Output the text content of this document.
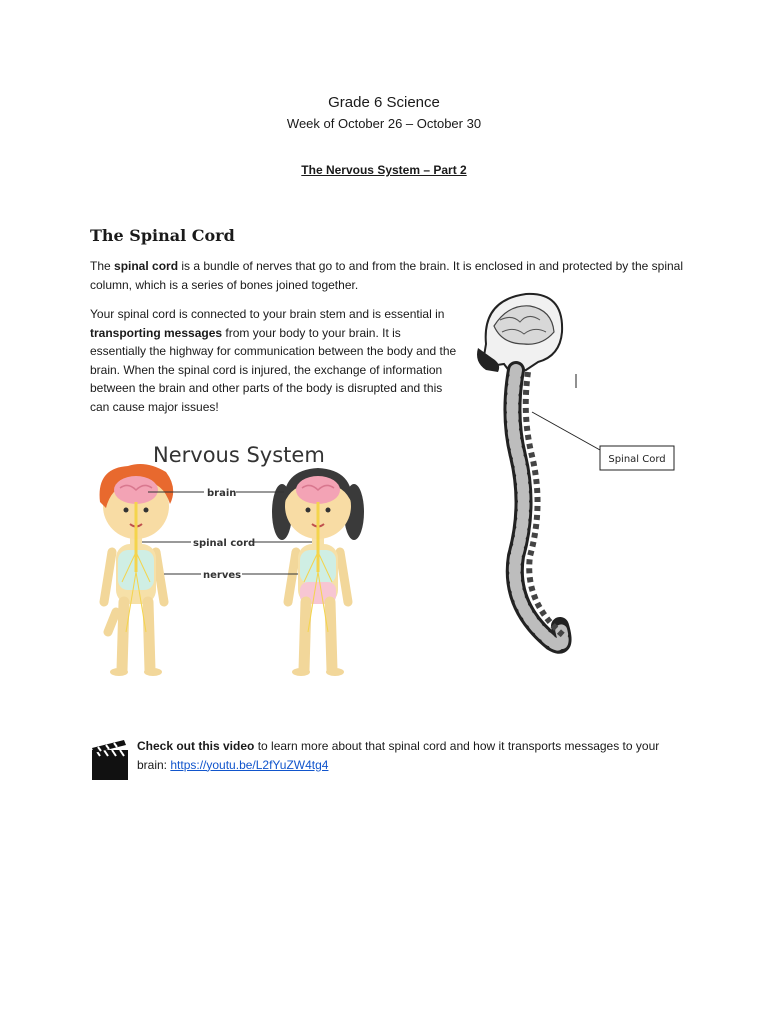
Grade 6 Science
Week of October 26 – October 30
The Nervous System – Part 2
The Spinal Cord
The spinal cord is a bundle of nerves that go to and from the brain. It is enclosed in and protected by the spinal column, which is a series of bones joined together.
Your spinal cord is connected to your brain stem and is essential in transporting messages from your body to your brain. It is essentially the highway for communication between the body and the brain. When the spinal cord is injured, the exchange of information between the brain and other parts of the body is disrupted and this can cause major issues!
Nervous System
brain
spinal cord
nerves
Spinal Cord
Check out this video to learn more about that spinal cord and how it transports messages to your brain: https://youtu.be/L2fYuZW4tg4
